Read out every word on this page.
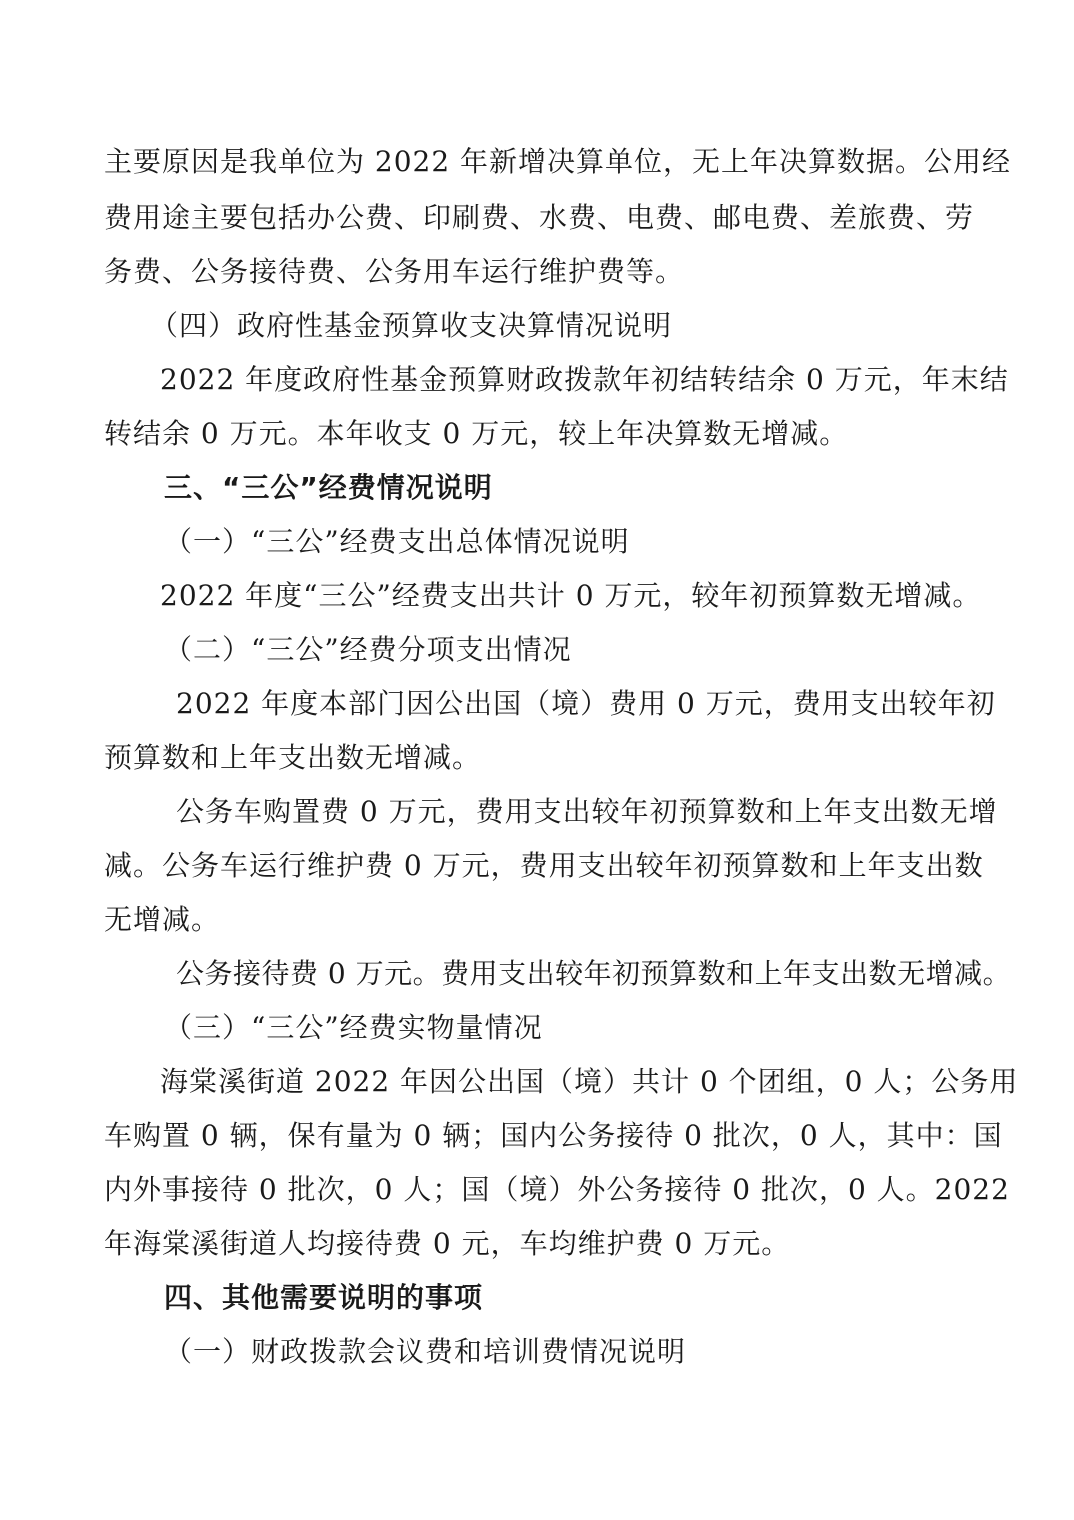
主要原因是我单位为 2022 年新增决算单位，无上年决算数据。公用经
费用途主要包括办公费、印刷费、水费、电费、邮电费、差旅费、劳
务费、公务接待费、公务用车运行维护费等。
（四）政府性基金预算收支决算情况说明
2022 年度政府性基金预算财政拨款年初结转结余 0 万元，年末结
转结余 0 万元。本年收支 0 万元，较上年决算数无增减。
三、“三公”经费情况说明
（一）“三公”经费支出总体情况说明
2022 年度“三公”经费支出共计 0 万元，较年初预算数无增减。
（二）“三公”经费分项支出情况
2022 年度本部门因公出国（境）费用 0 万元，费用支出较年初
预算数和上年支出数无增减。
公务车购置费 0 万元，费用支出较年初预算数和上年支出数无增
减。公务车运行维护费 0 万元，费用支出较年初预算数和上年支出数
无增减。
公务接待费 0 万元。费用支出较年初预算数和上年支出数无增减。
（三）“三公”经费实物量情况
海棠溪街道 2022 年因公出国（境）共计 0 个团组，0 人；公务用
车购置 0 辆，保有量为 0 辆；国内公务接待 0 批次，0 人，其中：国
内外事接待 0 批次，0 人；国（境）外公务接待 0 批次，0 人。2022
年海棠溪街道人均接待费 0 元，车均维护费 0 万元。
四、其他需要说明的事项
（一）财政拨款会议费和培训费情况说明
